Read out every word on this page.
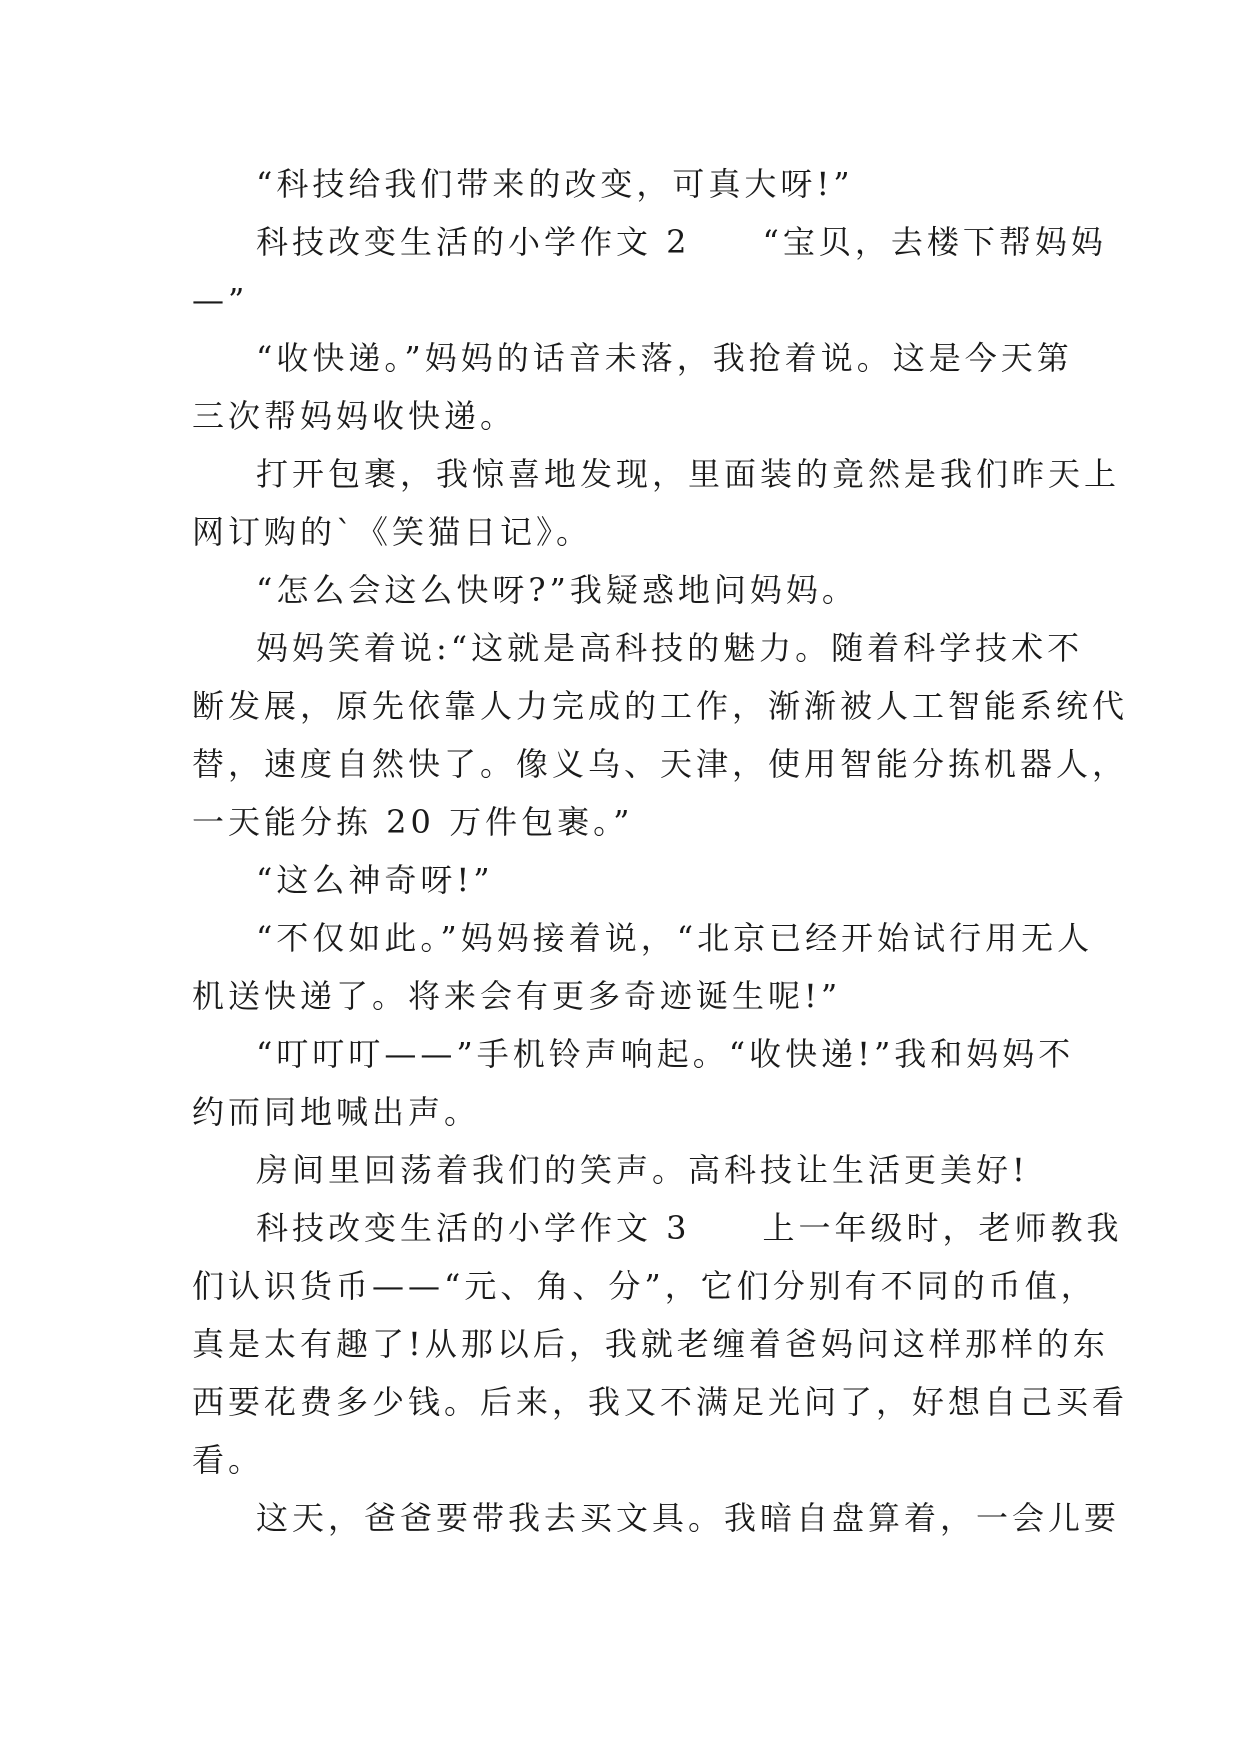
“科技给我们带来的改变，可真大呀!”
科技改变生活的小学作文 2　　“宝贝，去楼下帮妈妈
—”
“收快递。”妈妈的话音未落，我抢着说。这是今天第
三次帮妈妈收快递。
打开包裹，我惊喜地发现，里面装的竟然是我们昨天上
网订购的`《笑猫日记》。
“怎么会这么快呀?”我疑惑地问妈妈。
妈妈笑着说:“这就是高科技的魅力。随着科学技术不
断发展，原先依靠人力完成的工作，渐渐被人工智能系统代
替，速度自然快了。像义乌、天津，使用智能分拣机器人，
一天能分拣 20 万件包裹。”
“这么神奇呀!”
“不仅如此。”妈妈接着说，“北京已经开始试行用无人
机送快递了。将来会有更多奇迹诞生呢!”
“叮叮叮——”手机铃声响起。“收快递!”我和妈妈不
约而同地喊出声。
房间里回荡着我们的笑声。高科技让生活更美好!
科技改变生活的小学作文 3　　上一年级时，老师教我
们认识货币——“元、角、分”，它们分别有不同的币值，
真是太有趣了!从那以后，我就老缠着爸妈问这样那样的东
西要花费多少钱。后来，我又不满足光问了，好想自己买看
看。
这天，爸爸要带我去买文具。我暗自盘算着，一会儿要
